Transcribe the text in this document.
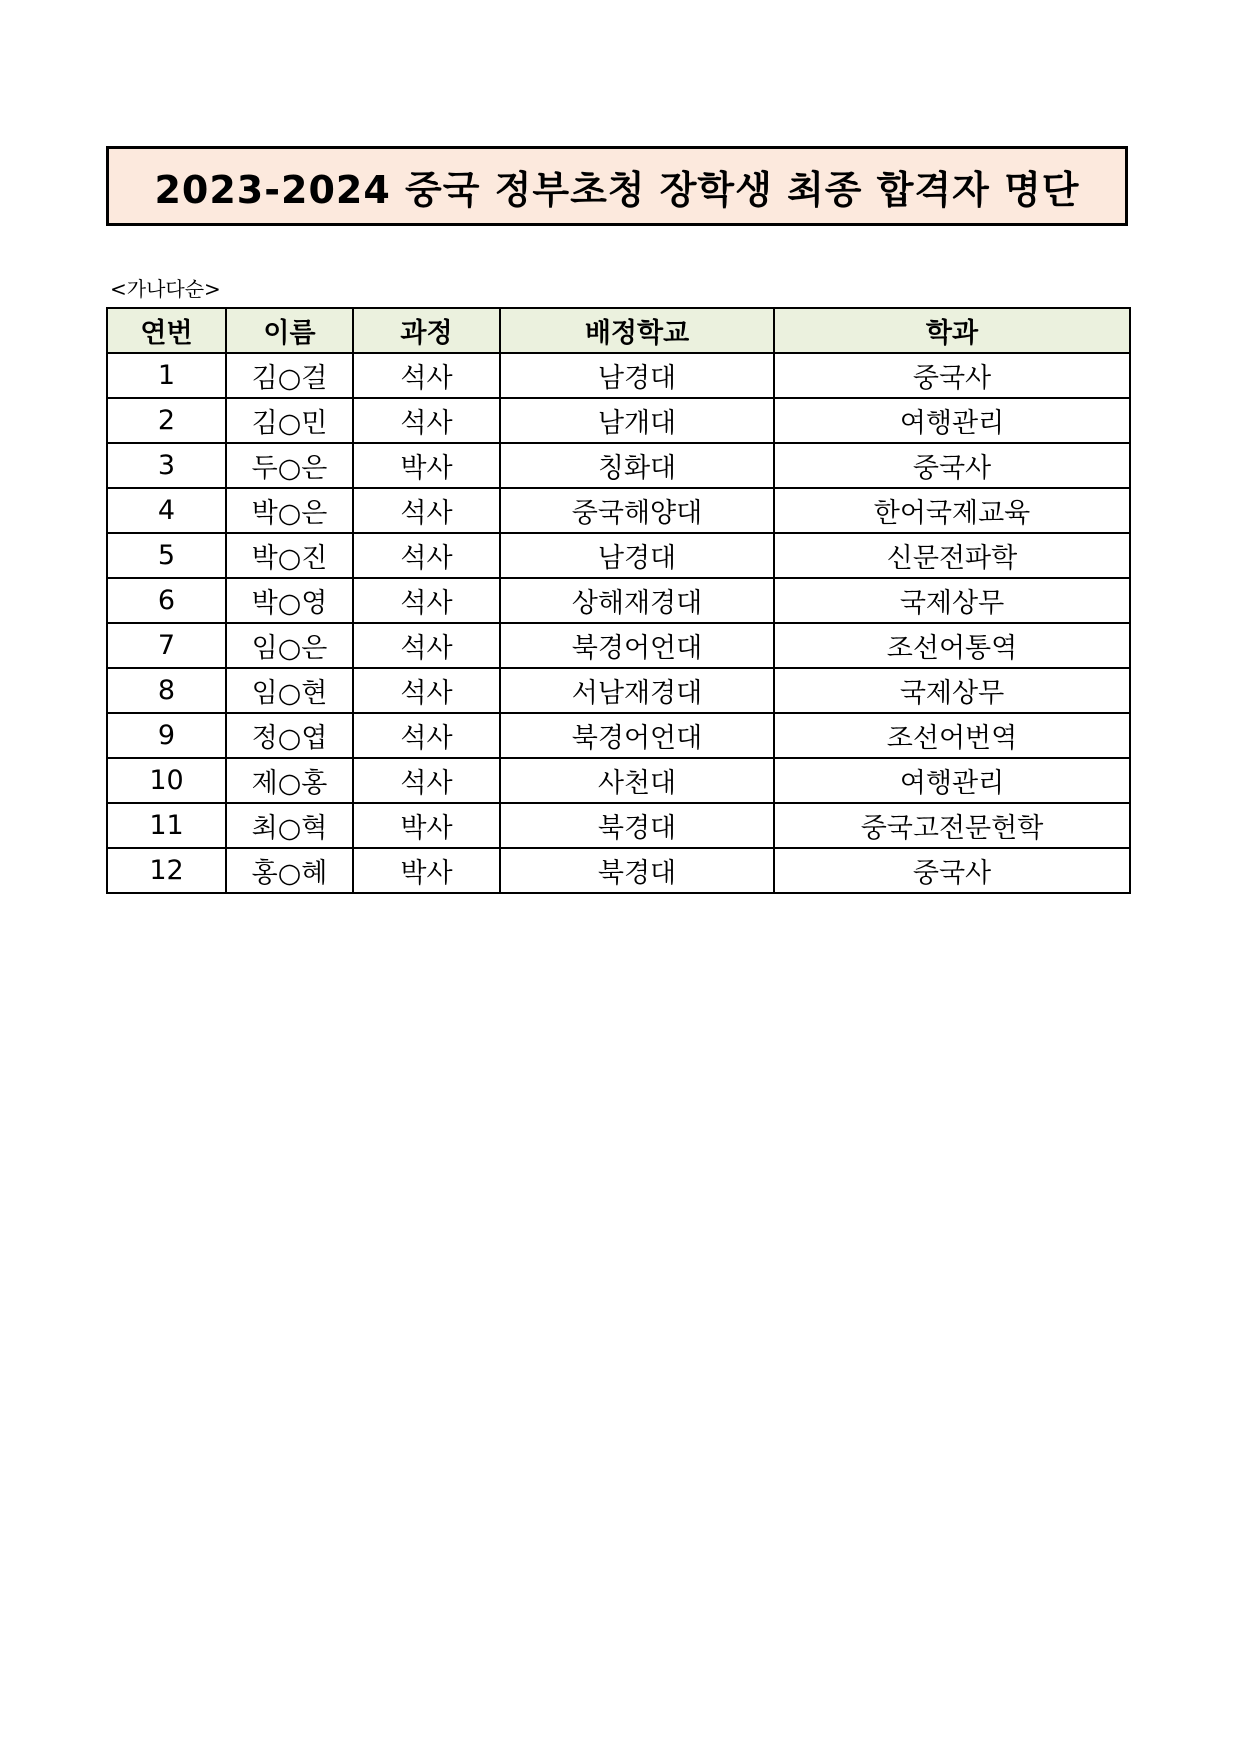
2023-2024 중국 정부초청 장학생 최종 합격자 명단
<가나다순>
연번	이름	과정	배정학교	학과
1	김○걸	석사	남경대	중국사
2	김○민	석사	남개대	여행관리
3	두○은	박사	칭화대	중국사
4	박○은	석사	중국해양대	한어국제교육
5	박○진	석사	남경대	신문전파학
6	박○영	석사	상해재경대	국제상무
7	임○은	석사	북경어언대	조선어통역
8	임○현	석사	서남재경대	국제상무
9	정○엽	석사	북경어언대	조선어번역
10	제○홍	석사	사천대	여행관리
11	최○혁	박사	북경대	중국고전문헌학
12	홍○혜	박사	북경대	중국사
